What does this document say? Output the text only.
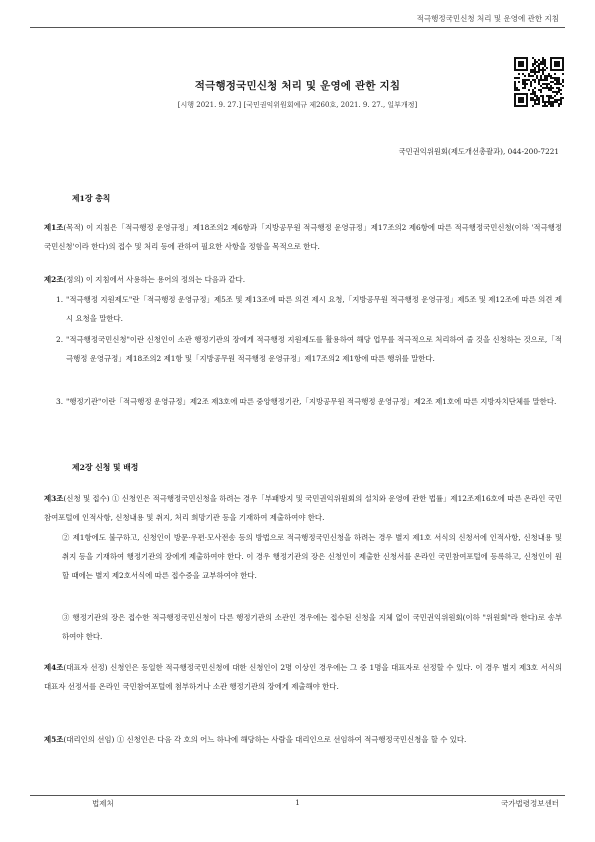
적극행정국민신청 처리 및 운영에 관한 지침
적극행정국민신청 처리 및 운영에 관한 지침
[시행 2021. 9. 27.] [국민권익위원회예규 제260호, 2021. 9. 27., 일부개정]
국민권익위원회(제도개선총괄과), 044-200-7221
제1장 총칙
제1조(목적) 이 지침은「적극행정 운영규정」제18조의2 제6항과「지방공무원 적극행정 운영규정」제17조의2 제6항에 따른 적극행정국민신청(이하 '적극행정국민신청'이라 한다)의 접수 및 처리 등에 관하여 필요한 사항을 정함을 목적으로 한다.
제2조(정의) 이 지침에서 사용하는 용어의 정의는 다음과 같다.
1. "적극행정 지원제도"란「적극행정 운영규정」제5조 및 제13조에 따른 의견 제시 요청,「지방공무원 적극행정 운영규정」제5조 및 제12조에 따른 의견 제시 요청을 말한다.
2. "적극행정국민신청"이란 신청인이 소관 행정기관의 장에게 적극행정 지원제도를 활용하여 해당 업무를 적극적으로 처리하여 줄 것을 신청하는 것으로,「적극행정 운영규정」제18조의2 제1항 및「지방공무원 적극행정 운영규정」제17조의2 제1항에 따른 행위를 말한다.
3. "행정기관"이란「적극행정 운영규정」제2조 제3호에 따른 중앙행정기관,「지방공무원 적극행정 운영규정」제2조 제1호에 따른 지방자치단체를 말한다.
제2장 신청 및 배정
제3조(신청 및 접수) ① 신청인은 적극행정국민신청을 하려는 경우「부패방지 및 국민권익위원회의 설치와 운영에 관한 법률」제12조제16호에 따른 온라인 국민참여포털에 인적사항, 신청내용 및 취지, 처리 희망기관 등을 기재하여 제출하여야 한다.
② 제1항에도 불구하고, 신청인이 방문·우편·모사전송 등의 방법으로 적극행정국민신청을 하려는 경우 별지 제1호 서식의 신청서에 인적사항, 신청내용 및 취지 등을 기재하여 행정기관의 장에게 제출하여야 한다. 이 경우 행정기관의 장은 신청인이 제출한 신청서를 온라인 국민참여포털에 등록하고, 신청인이 원할 때에는 별지 제2호서식에 따른 접수증을 교부하여야 한다.
③ 행정기관의 장은 접수한 적극행정국민신청이 다른 행정기관의 소관인 경우에는 접수된 신청을 지체 없이 국민권익위원회(이하 "위원회"라 한다)로 송부하여야 한다.
제4조(대표자 선정) 신청인은 동일한 적극행정국민신청에 대한 신청인이 2명 이상인 경우에는 그 중 1명을 대표자로 선정할 수 있다. 이 경우 별지 제3호 서식의 대표자 선정서를 온라인 국민참여포털에 첨부하거나 소관 행정기관의 장에게 제출해야 한다.
제5조(대리인의 선임) ① 신청인은 다음 각 호의 어느 하나에 해당하는 사람을 대리인으로 선임하여 적극행정국민신청을 할 수 있다.
법제처	1	국가법령정보센터
